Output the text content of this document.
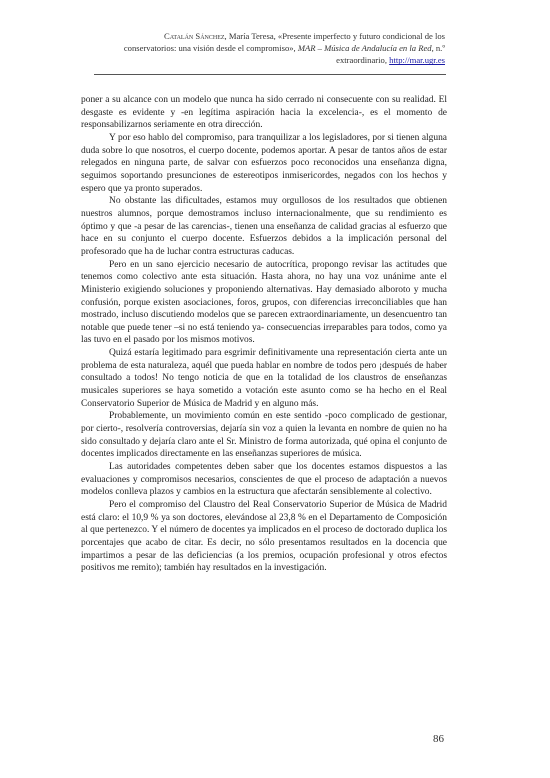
Catalán Sánchez, María Teresa, «Presente imperfecto y futuro condicional de los
conservatorios: una visión desde el compromiso», MAR – Música de Andalucía en la Red, n.º
extraordinario, http://mar.ugr.es

poner a su alcance con un modelo que nunca ha sido cerrado ni consecuente con su realidad. El desgaste es evidente y -en legítima aspiración hacia la excelencia-, es el momento de responsabilizarnos seriamente en otra dirección.

Y por eso hablo del compromiso, para tranquilizar a los legisladores, por si tienen alguna duda sobre lo que nosotros, el cuerpo docente, podemos aportar. A pesar de tantos años de estar relegados en ninguna parte, de salvar con esfuerzos poco reconocidos una enseñanza digna, seguimos soportando presunciones de estereotipos inmisericordes, negados con los hechos y espero que ya pronto superados.

No obstante las dificultades, estamos muy orgullosos de los resultados que obtienen nuestros alumnos, porque demostramos incluso internacionalmente, que su rendimiento es óptimo y que -a pesar de las carencias-, tienen una enseñanza de calidad gracias al esfuerzo que hace en su conjunto el cuerpo docente. Esfuerzos debidos a la implicación personal del profesorado que ha de luchar contra estructuras caducas.

Pero en un sano ejercicio necesario de autocrítica, propongo revisar las actitudes que tenemos como colectivo ante esta situación. Hasta ahora, no hay una voz unánime ante el Ministerio exigiendo soluciones y proponiendo alternativas. Hay demasiado alboroto y mucha confusión, porque existen asociaciones, foros, grupos, con diferencias irreconciliables que han mostrado, incluso discutiendo modelos que se parecen extraordinariamente, un desencuentro tan notable que puede tener –si no está teniendo ya- consecuencias irreparables para todos, como ya las tuvo en el pasado por los mismos motivos.

Quizá estaría legitimado para esgrimir definitivamente una representación cierta ante un problema de esta naturaleza, aquél que pueda hablar en nombre de todos pero ¡después de haber consultado a todos! No tengo noticia de que en la totalidad de los claustros de enseñanzas musicales superiores se haya sometido a votación este asunto como se ha hecho en el Real Conservatorio Superior de Música de Madrid y en alguno más.

Probablemente, un movimiento común en este sentido -poco complicado de gestionar, por cierto-, resolvería controversias, dejaría sin voz a quien la levanta en nombre de quien no ha sido consultado y dejaría claro ante el Sr. Ministro de forma autorizada, qué opina el conjunto de docentes implicados directamente en las enseñanzas superiores de música.

Las autoridades competentes deben saber que los docentes estamos dispuestos a las evaluaciones y compromisos necesarios, conscientes de que el proceso de adaptación a nuevos modelos conlleva plazos y cambios en la estructura que afectarán sensiblemente al colectivo.

Pero el compromiso del Claustro del Real Conservatorio Superior de Música de Madrid está claro: el 10,9 % ya son doctores, elevándose al 23,8 % en el Departamento de Composición al que pertenezco. Y el número de docentes ya implicados en el proceso de doctorado duplica los porcentajes que acabo de citar. Es decir, no sólo presentamos resultados en la docencia que impartimos a pesar de las deficiencias (a los premios, ocupación profesional y otros efectos positivos me remito); también hay resultados en la investigación.

86
